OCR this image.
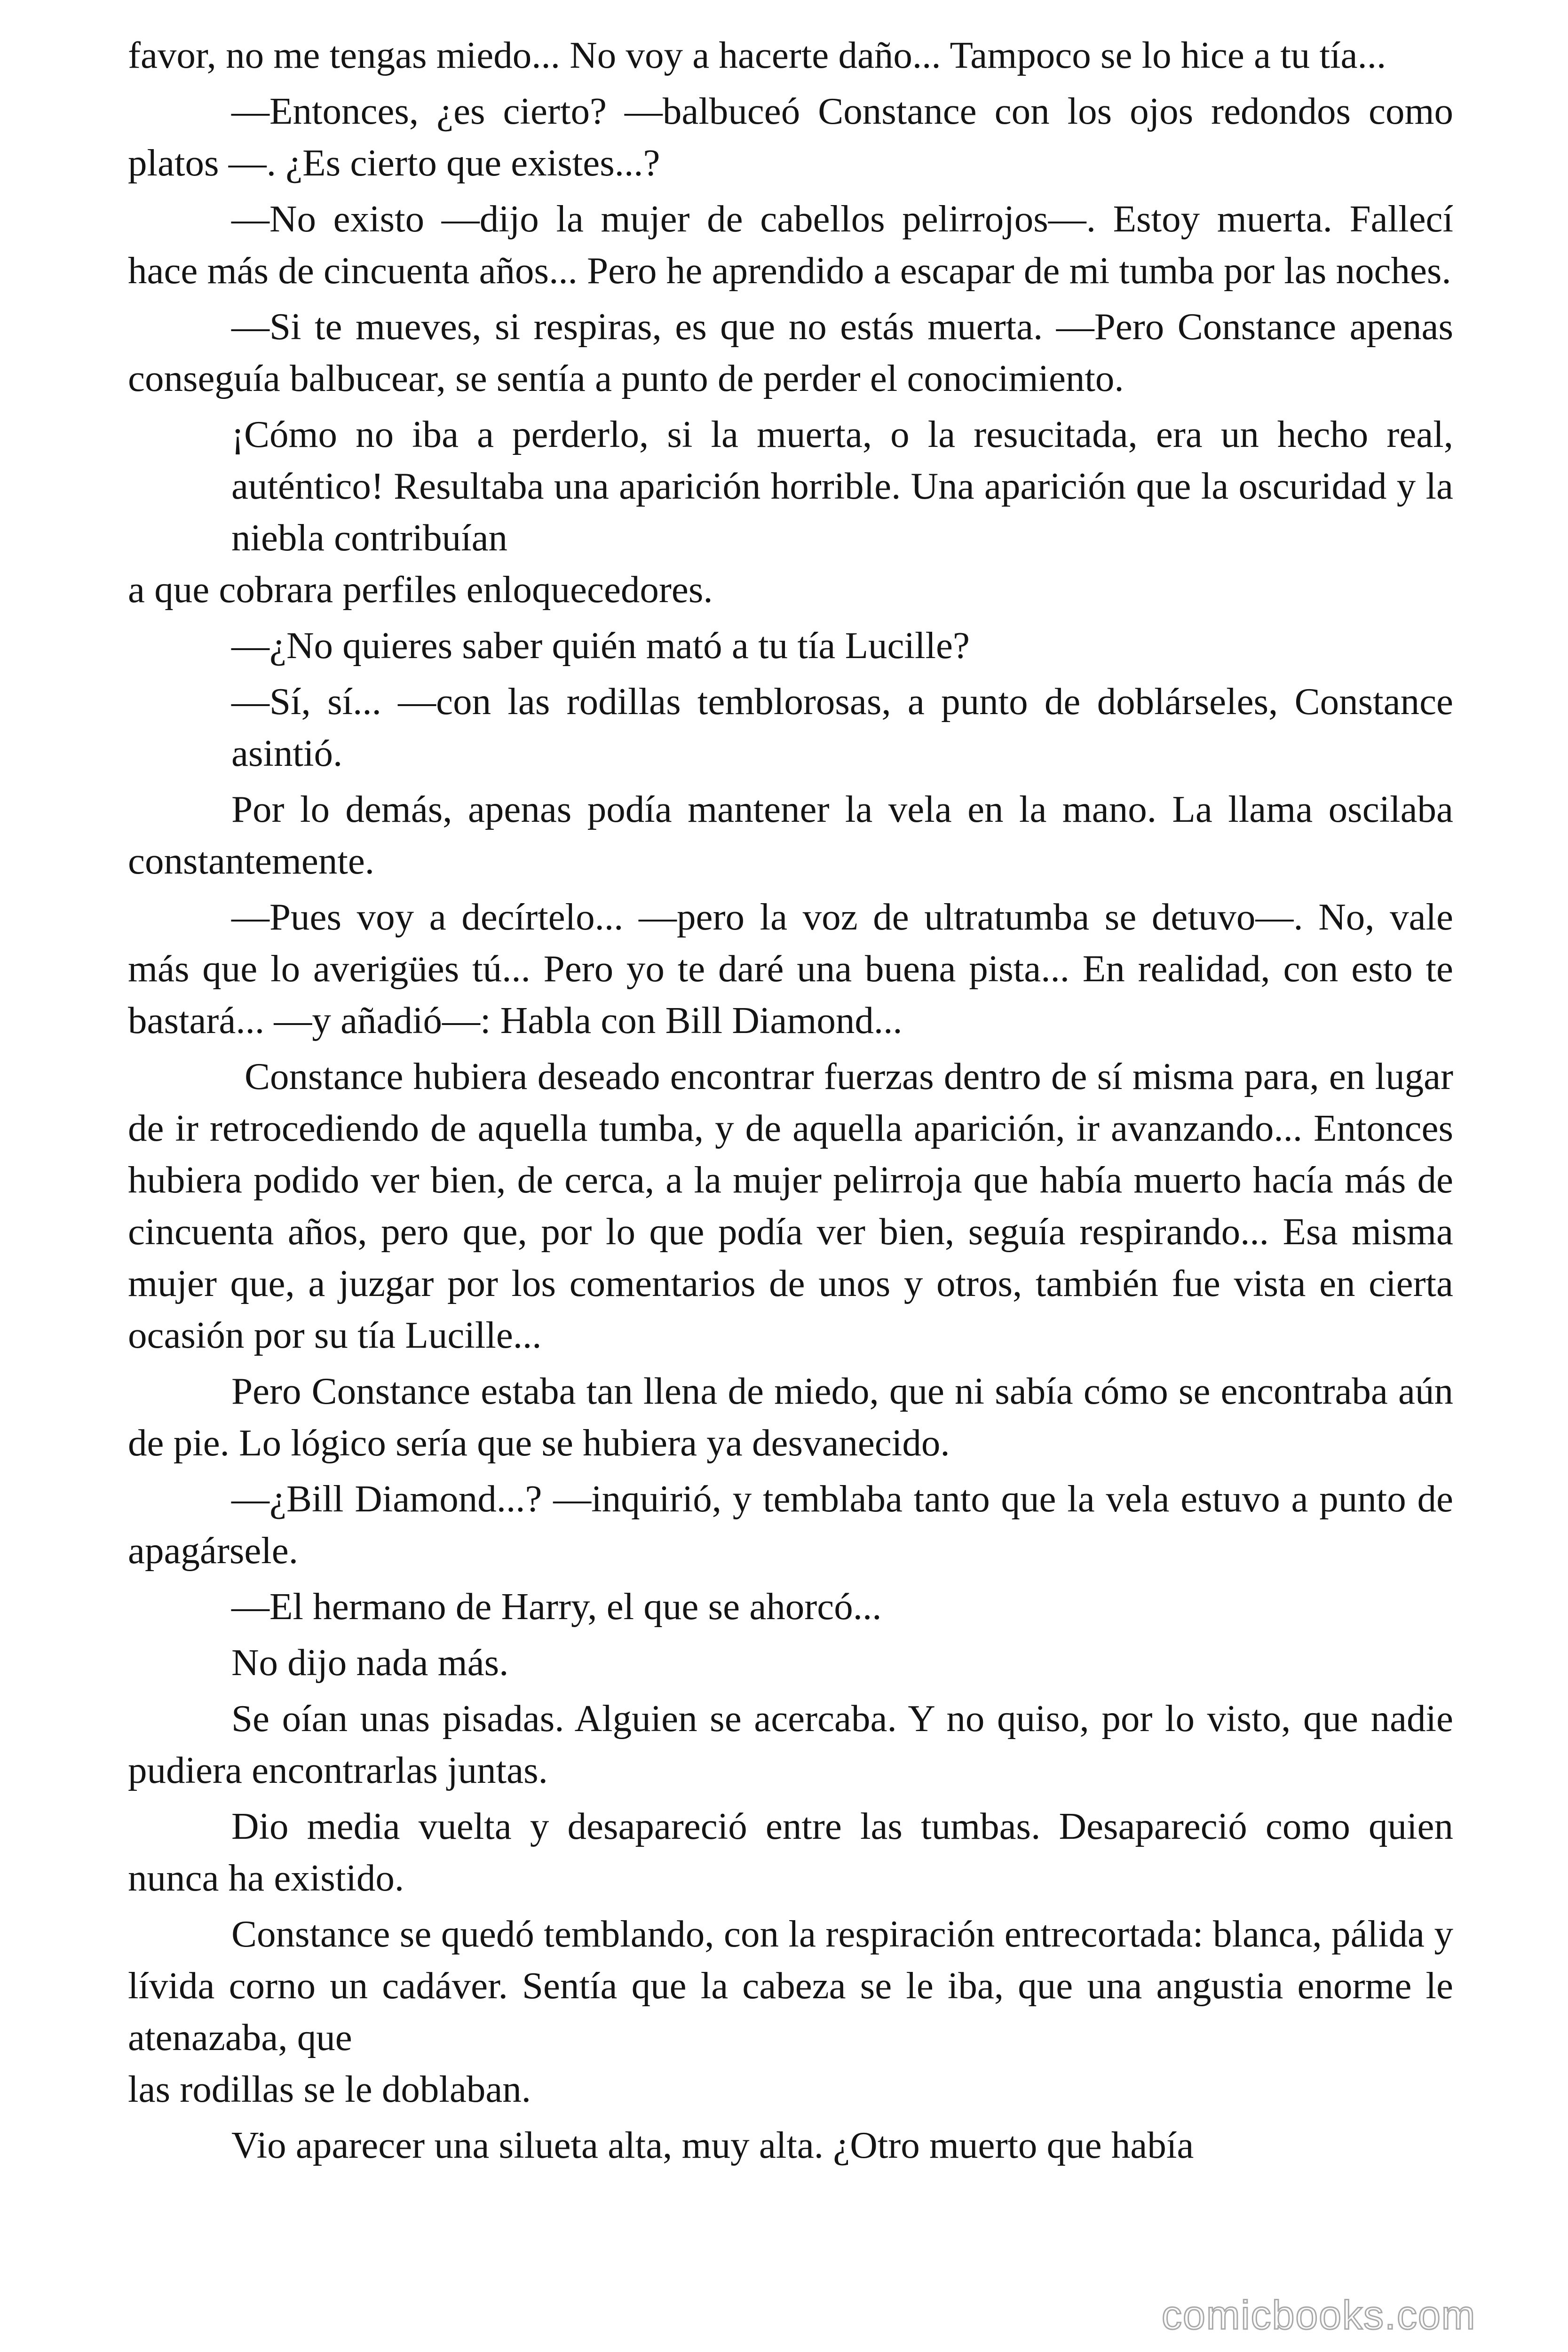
favor, no me tengas miedo... No voy a hacerte daño... Tampoco se lo hice a tu tía...

—Entonces, ¿es cierto? —balbuceó Constance con los ojos redondos como platos —. ¿Es cierto que existes...?

—No existo —dijo la mujer de cabellos pelirrojos—. Estoy muerta. Fallecí hace más de cincuenta años... Pero he aprendido a escapar de mi tumba por las noches.

—Si te mueves, si respiras, es que no estás muerta. —Pero Constance apenas conseguía balbucear, se sentía a punto de perder el conocimiento.

¡Cómo no iba a perderlo, si la muerta, o la resucitada, era un hecho real, auténtico! Resultaba una aparición horrible. Una aparición que la oscuridad y la niebla contribuían

a que cobrara perfiles enloquecedores.

—¿No quieres saber quién mató a tu tía Lucille?

—Sí, sí... —con las rodillas temblorosas, a punto de doblárseles, Constance asintió.

Por lo demás, apenas podía mantener la vela en la mano. La llama oscilaba constantemente.

—Pues voy a decírtelo... —pero la voz de ultratumba se detuvo—. No, vale más que lo averigües tú... Pero yo te daré una buena pista... En realidad, con esto te bastará... —y añadió—: Habla con Bill Diamond...

Constance hubiera deseado encontrar fuerzas dentro de sí misma para, en lugar de ir retrocediendo de aquella tumba, y de aquella aparición, ir avanzando... Entonces hubiera podido ver bien, de cerca, a la mujer pelirroja que había muerto hacía más de cincuenta años, pero que, por lo que podía ver bien, seguía respirando... Esa misma mujer que, a juzgar por los comentarios de unos y otros, también fue vista en cierta ocasión por su tía Lucille...

Pero Constance estaba tan llena de miedo, que ni sabía cómo se encontraba aún de pie. Lo lógico sería que se hubiera ya desvanecido.

—¿Bill Diamond...? —inquirió, y temblaba tanto que la vela estuvo a punto de apagársele.

—El hermano de Harry, el que se ahorcó...

No dijo nada más.

Se oían unas pisadas. Alguien se acercaba. Y no quiso, por lo visto, que nadie pudiera encontrarlas juntas.

Dio media vuelta y desapareció entre las tumbas. Desapareció como quien nunca ha existido.

Constance se quedó temblando, con la respiración entrecortada: blanca, pálida y lívida corno un cadáver. Sentía que la cabeza se le iba, que una angustia enorme le atenazaba, que

las rodillas se le doblaban.

Vio aparecer una silueta alta, muy alta. ¿Otro muerto que había

comicbooks.com
